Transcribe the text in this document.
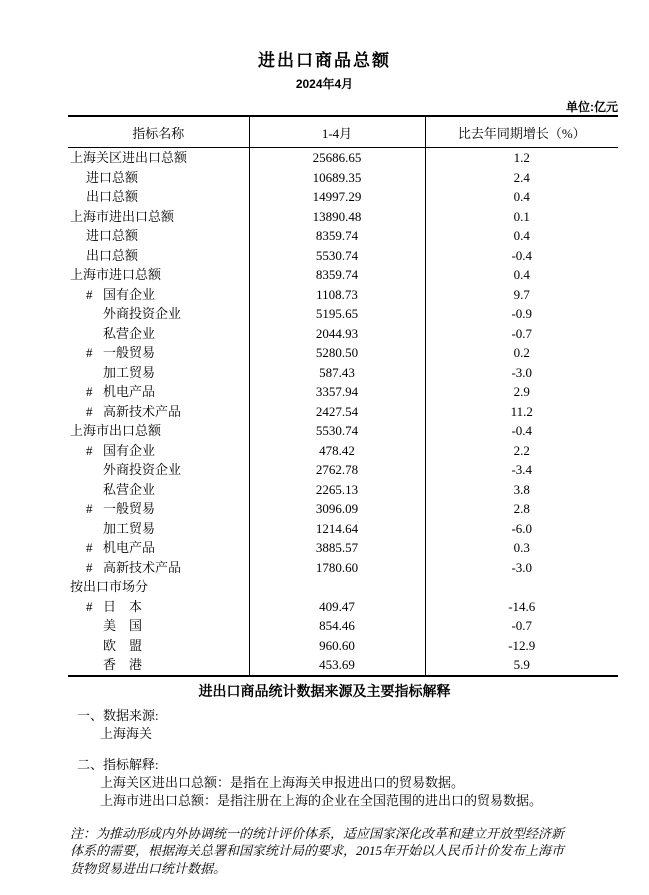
进出口商品总额
2024年4月
单位:亿元
指标名称	1-4月	比去年同期增长（%）
上海关区进出口总额	25686.65	1.2
进口总额	10689.35	2.4
出口总额	14997.29	0.4
上海市进出口总额	13890.48	0.1
进口总额	8359.74	0.4
出口总额	5530.74	-0.4
上海市进口总额	8359.74	0.4
# 国有企业	1108.73	9.7
外商投资企业	5195.65	-0.9
私营企业	2044.93	-0.7
# 一般贸易	5280.50	0.2
加工贸易	587.43	-3.0
# 机电产品	3357.94	2.9
# 高新技术产品	2427.54	11.2
上海市出口总额	5530.74	-0.4
# 国有企业	478.42	2.2
外商投资企业	2762.78	-3.4
私营企业	2265.13	3.8
# 一般贸易	3096.09	2.8
加工贸易	1214.64	-6.0
# 机电产品	3885.57	0.3
# 高新技术产品	1780.60	-3.0
按出口市场分		
# 日　本	409.47	-14.6
美　国	854.46	-0.7
欧　盟	960.60	-12.9
香　港	453.69	5.9
进出口商品统计数据来源及主要指标解释
一、数据来源:
上海海关
二、指标解释:
上海关区进出口总额：是指在上海海关申报进出口的贸易数据。
上海市进出口总额：是指注册在上海的企业在全国范围的进出口的贸易数据。
注：为推动形成内外协调统一的统计评价体系，适应国家深化改革和建立开放型经济新
体系的需要，根据海关总署和国家统计局的要求，2015年开始以人民币计价发布上海市
货物贸易进出口统计数据。
